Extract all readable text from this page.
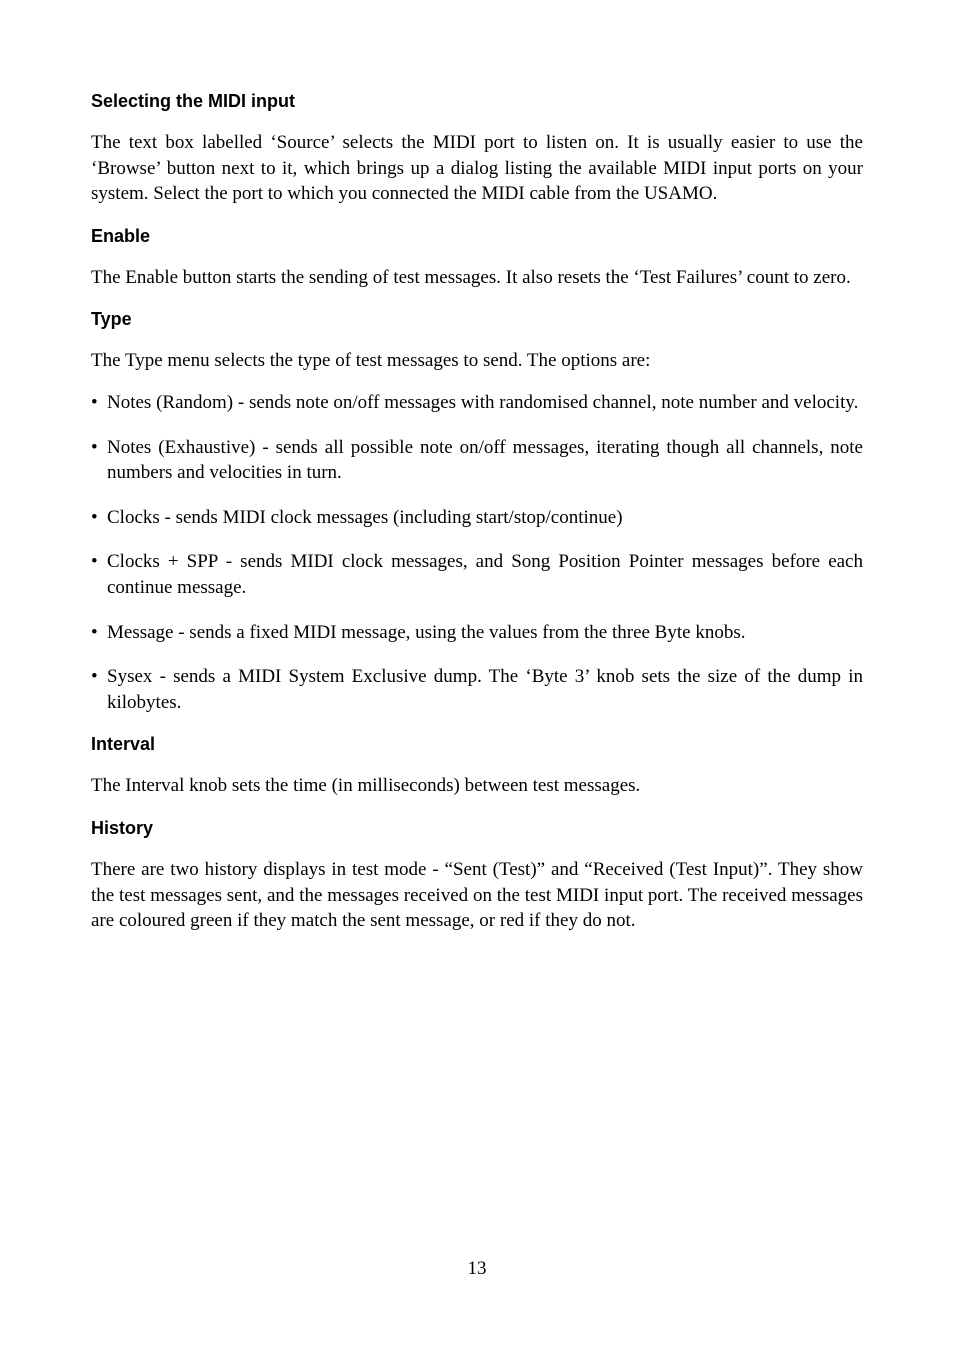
Selecting the MIDI input

The text box labelled ‘Source’ selects the MIDI port to listen on. It is usually easier to use the ‘Browse’ button next to it, which brings up a dialog listing the available MIDI input ports on your system. Select the port to which you connected the MIDI cable from the USAMO.

Enable

The Enable button starts the sending of test messages. It also resets the ‘Test Failures’ count to zero.

Type

The Type menu selects the type of test messages to send. The options are:

• Notes (Random) - sends note on/off messages with randomised channel, note number and velocity.
• Notes (Exhaustive) - sends all possible note on/off messages, iterating though all channels, note numbers and velocities in turn.
• Clocks - sends MIDI clock messages (including start/stop/continue)
• Clocks + SPP - sends MIDI clock messages, and Song Position Pointer messages before each continue message.
• Message - sends a fixed MIDI message, using the values from the three Byte knobs.
• Sysex - sends a MIDI System Exclusive dump. The ‘Byte 3’ knob sets the size of the dump in kilobytes.
Interval

The Interval knob sets the time (in milliseconds) between test messages.

History

There are two history displays in test mode - “Sent (Test)” and “Received (Test Input)”. They show the test messages sent, and the messages received on the test MIDI input port. The received messages are coloured green if they match the sent message, or red if they do not.

13
